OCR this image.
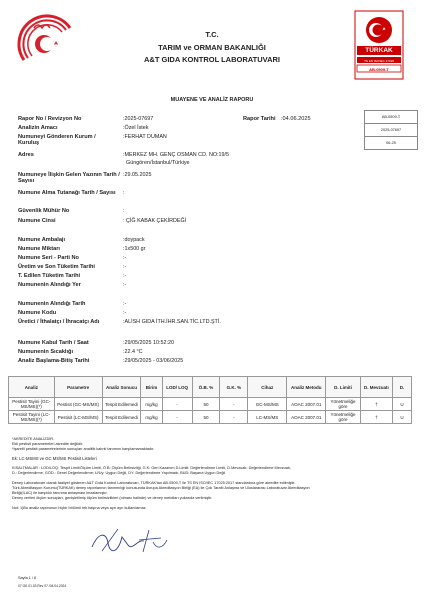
TÜRKAK
TS EN ISO/IEC 17025
AB-0509-T
T.C.
TARIM ve ORMAN BAKANLIĞI
A&T GIDA KONTROL LABORATUVARI
MUAYENE VE ANALİZ RAPORU
AB-0509-T
2025-07697
06-25
Rapor No / Revizyon No	:2025-07697	Rapor Tarihi :04.06.2025
Analizin Amacı	:Özel İstek
Numuneyi Gönderen Kurum / Kuruluş
:FERHAT DUMAN
Adres	:MERKEZ MH. GENÇ OSMAN CD. NO:19/5
Güngören/İstanbul/Türkiye
Numuneye İlişkin Gelen Yazının Tarih / Sayısı
:29.05.2025
Numune Alma Tutanağı Tarih / Sayısı	:
Güvenlik Mühür No	:
Numune Cinsi	: ÇİĞ KABAK ÇEKİRDEĞİ
Numune Ambalajı	:doypack
Numune Miktarı	:1x500 gr
Numune Seri - Parti No	:-
Üretim ve Son Tüketim Tarihi	:-
T. Edilen Tüketim Tarihi	:-
Numunenin Alındığı Yer	:-
Numunenin Alındığı Tarih	:-
Numune Kodu	:-
Üretici / İthalatçı / İhracatçı Adı	:ALİSH GIDA İTH.İHR.SAN.TİC.LTD.ŞTİ.
Numune Kabul Tarih / Saat	:29/05/2025 10:52:20
Numunenin Sıcaklığı	:22.4 °C
Analiz Başlama-Bitiş Tarihi	:29/05/2025 - 03/06/2025
Analiz	Parametre	Analiz Sonucu	Birim	LOD/ LOQ	Ö.B. %	G.K. %	Cihaz	Analiz Metodu	D. Limiti	D. Mevzuatı	D.
Pestisit Tayini (GC-MS/MS)(*)	Pestisit (GC-MS/MS)	Tespit Edilemedi	mg/kg	-	50	-	GC-MS/MS	AOAC 2007.01	Yönetmeliğe göre	†	U
Pestisit Tayini (LC-MS/MS)(*)	Pestisit (LC-MS/MS)	Tespit Edilemedi	mg/kg	-	50	-	LC-MS/MS	AOAC 2007.01	Yönetmeliğe göre	†	U
*AKREDİTE ANALİZDİR.
Ekli pestisit parametreleri akredite değildir.
*İşaretli pestisit parametrelerinin sonuçları analitik kalınti tanımını karşılamamaktadır.
Ek: LC-MSMS ve GC MS/MS Pestisit Listeleri
KISALTMALAR : LOD/LOQ: Tespit Limit/Ölçüm Limiti, Ö.B: Ölçüm Belirsizliği, G.K: Geri Kazanım D.Limiti: Değerlendirme Limiti, D.Mevzuatı: Değerlendirme Mevzuatı,
D.: Değerlendirme, GÖD.: Genel Değerlendirme; U/Uy: Uygun Değil, DY: Değerlendirme Yapılmadı, BUD: Başarıa Uygun Değil
Deney Laboratuvarı olarak faaliyet gösteren A&T Gıda Kontrol Laboratuvarı, TÜRKAK'tan AB-0509-T ile TS EN ISO/IEC 17025:2017 standardına göre akredite edilmiştir.
Türk Akreditasyon Kurumu(TÜRKAK) deney raporlarının tanınmılığı konusunda Avrupa Akreditasyon Birliği (EA) ile Çok Taraflı Anlaşma ve Uluslararası Laboratuvar Akreditasyon
Birliği(ILAC) ile karşılıklı tanınma anlaşması imzalamıştır.
Deney verileri ölçüm sonuçları, genişletilmiş ölçüm belirsizlikleri (olması halinde) ve deney metotları yukarıda verilmiştir.
Not: 1)Bu analiz raporunun hiçbir bölümü tek başına veya ayrı ayrı kullanılamaz.
Sayfa 1 / 8
07.GK.01.03 Rev 07 /04.04.2024
